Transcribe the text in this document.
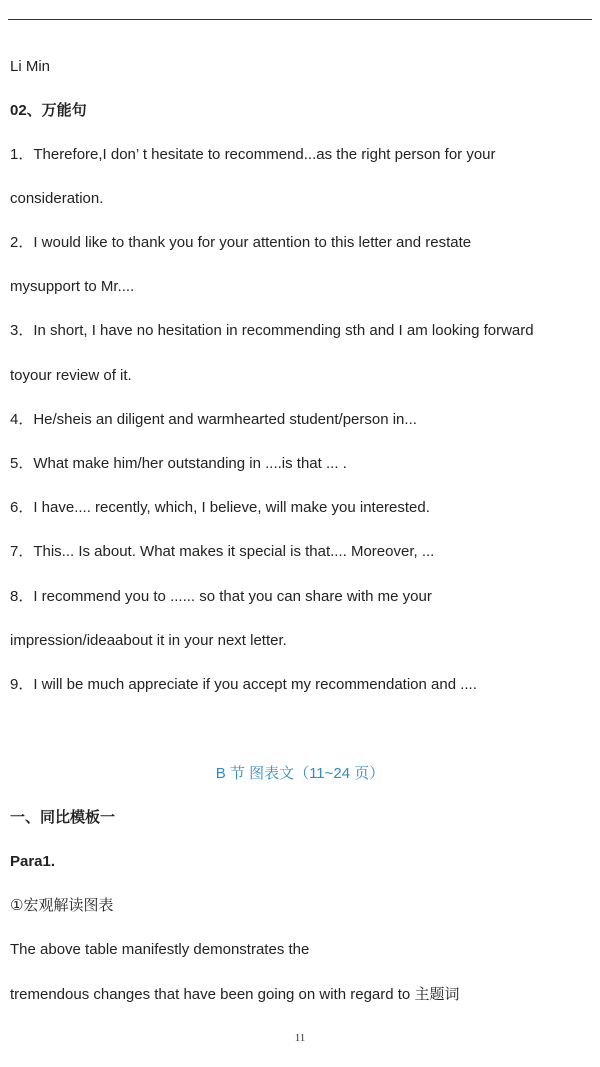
Li Min
02、万能句
1．Therefore,I don’ t hesitate to recommend...as the right person for your
consideration.
2．I would like to thank you for your attention to this letter and restate
mysupport to Mr....
3．In short, I have no hesitation in recommending sth and I am looking forward
toyour review of it.
4．He/sheis an diligent and warmhearted student/person in...
5．What make him/her outstanding in ....is that ... .
6．I have.... recently, which, I believe, will make you interested.
7．This... Is about. What makes it special is that.... Moreover, ...
8．I recommend you to ...... so that you can share with me your
impression/ideaabout it in your next letter.
9．I will be much appreciate if you accept my recommendation and ....
B 节 图表文（11~24 页）
一、同比模板一
Para1.
①宏观解读图表
The above table manifestly demonstrates the
tremendous changes that have been going on with regard to 主题词
11
